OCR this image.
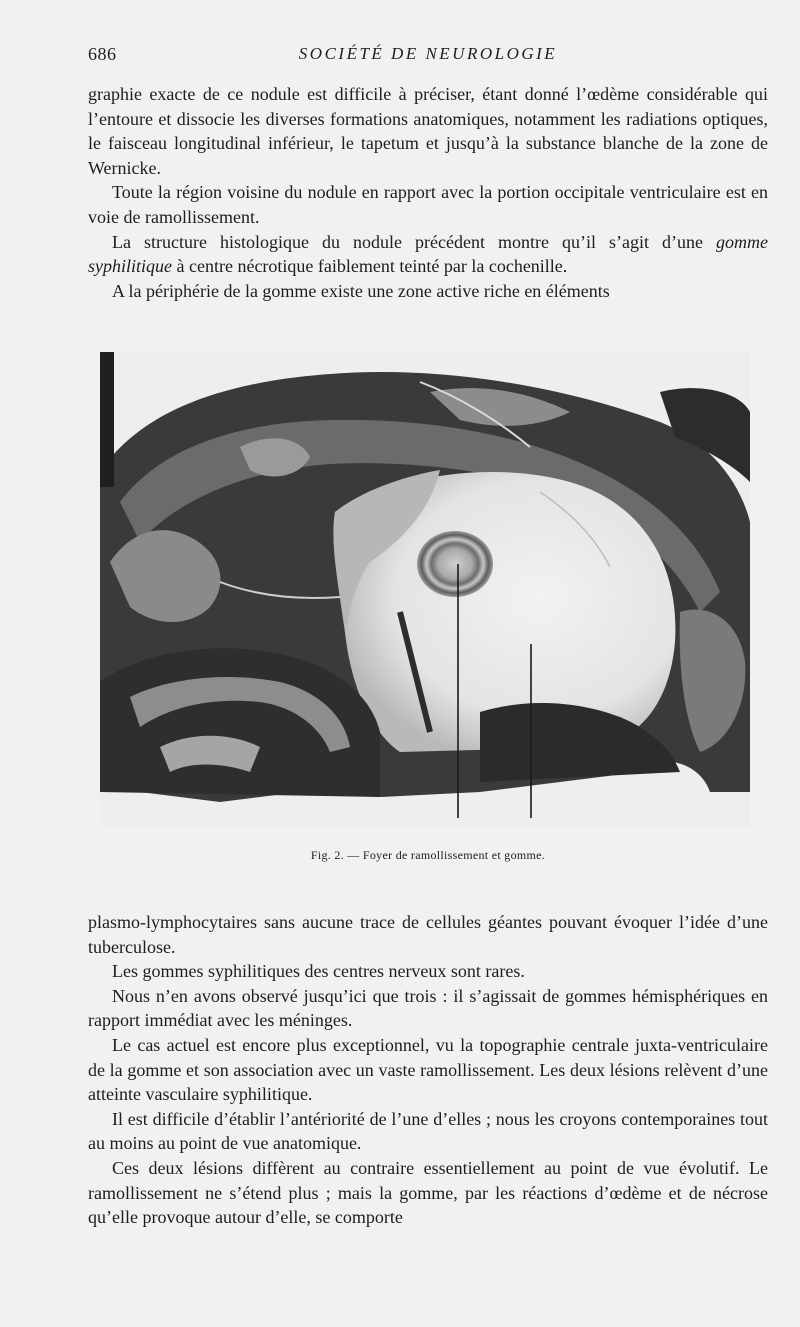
686	SOCIÉTÉ DE NEUROLOGIE

graphie exacte de ce nodule est difficile à préciser, étant donné l’œdème considérable qui l’entoure et dissocie les diverses formations anatomiques, notamment les radiations optiques, le faisceau longitudinal inférieur, le tapetum et jusqu’à la substance blanche de la zone de Wernicke.

Toute la région voisine du nodule en rapport avec la portion occipitale ventriculaire est en voie de ramollissement.

La structure histologique du nodule précédent montre qu’il s’agit d’une gomme syphilitique à centre nécrotique faiblement teinté par la cochenille.

A la périphérie de la gomme existe une zone active riche en éléments

Fig. 2. — Foyer de ramollissement et gomme.

plasmo-lymphocytaires sans aucune trace de cellules géantes pouvant évoquer l’idée d’une tuberculose.

Les gommes syphilitiques des centres nerveux sont rares.

Nous n’en avons observé jusqu’ici que trois : il s’agissait de gommes hémisphériques en rapport immédiat avec les méninges.

Le cas actuel est encore plus exceptionnel, vu la topographie centrale juxta-ventriculaire de la gomme et son association avec un vaste ramollissement. Les deux lésions relèvent d’une atteinte vasculaire syphilitique.

Il est difficile d’établir l’antériorité de l’une d’elles ; nous les croyons contemporaines tout au moins au point de vue anatomique.

Ces deux lésions diffèrent au contraire essentiellement au point de vue évolutif. Le ramollissement ne s’étend plus ; mais la gomme, par les réactions d’œdème et de nécrose qu’elle provoque autour d’elle, se comporte
